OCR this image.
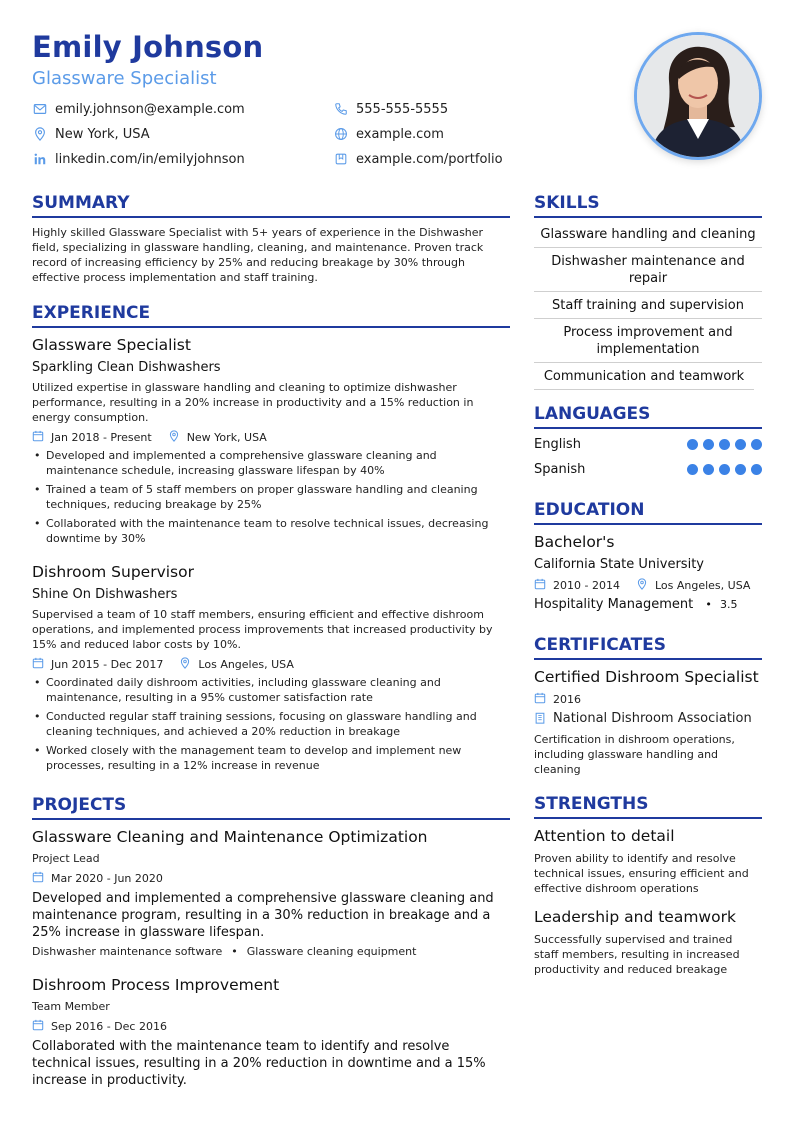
Emily Johnson
Glassware Specialist
emily.johnson@example.com	555-555-5555
New York, USA	example.com
linkedin.com/in/emilyjohnson	example.com/portfolio
SUMMARY
Highly skilled Glassware Specialist with 5+ years of experience in the Dishwasher field, specializing in glassware handling, cleaning, and maintenance. Proven track record of increasing efficiency by 25% and reducing breakage by 30% through effective process implementation and staff training.
EXPERIENCE
Glassware Specialist
Sparkling Clean Dishwashers
Utilized expertise in glassware handling and cleaning to optimize dishwasher performance, resulting in a 20% increase in productivity and a 15% reduction in energy consumption.
Jan 2018 - Present	New York, USA
• Developed and implemented a comprehensive glassware cleaning and maintenance schedule, increasing glassware lifespan by 40%
• Trained a team of 5 staff members on proper glassware handling and cleaning techniques, reducing breakage by 25%
• Collaborated with the maintenance team to resolve technical issues, decreasing downtime by 30%
Dishroom Supervisor
Shine On Dishwashers
Supervised a team of 10 staff members, ensuring efficient and effective dishroom operations, and implemented process improvements that increased productivity by 15% and reduced labor costs by 10%.
Jun 2015 - Dec 2017	Los Angeles, USA
• Coordinated daily dishroom activities, including glassware cleaning and maintenance, resulting in a 95% customer satisfaction rate
• Conducted regular staff training sessions, focusing on glassware handling and cleaning techniques, and achieved a 20% reduction in breakage
• Worked closely with the management team to develop and implement new processes, resulting in a 12% increase in revenue
PROJECTS
Glassware Cleaning and Maintenance Optimization
Project Lead
Mar 2020 - Jun 2020
Developed and implemented a comprehensive glassware cleaning and maintenance program, resulting in a 30% reduction in breakage and a 25% increase in glassware lifespan.
Dishwasher maintenance software • Glassware cleaning equipment
Dishroom Process Improvement
Team Member
Sep 2016 - Dec 2016
Collaborated with the maintenance team to identify and resolve technical issues, resulting in a 20% reduction in downtime and a 15% increase in productivity.
SKILLS
Glassware handling and cleaning
Dishwasher maintenance and repair
Staff training and supervision
Process improvement and implementation
Communication and teamwork
LANGUAGES
English
Spanish
EDUCATION
Bachelor's
California State University
2010 - 2014	Los Angeles, USA
Hospitality Management • 3.5
CERTIFICATES
Certified Dishroom Specialist
2016
National Dishroom Association
Certification in dishroom operations, including glassware handling and cleaning
STRENGTHS
Attention to detail
Proven ability to identify and resolve technical issues, ensuring efficient and effective dishroom operations
Leadership and teamwork
Successfully supervised and trained staff members, resulting in increased productivity and reduced breakage
